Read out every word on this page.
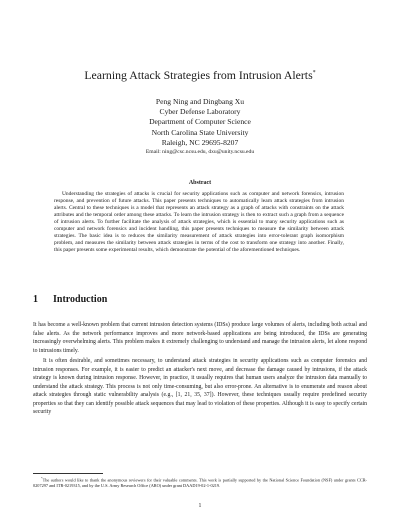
Learning Attack Strategies from Intrusion Alerts*
Peng Ning and Dingbang Xu
Cyber Defense Laboratory
Department of Computer Science
North Carolina State University
Raleigh, NC 29695-8207
Email: ning@csc.ncsu.edu, dxu@unity.ncsu.edu
Abstract

Understanding the strategies of attacks is crucial for security applications such as computer and network forensics, intrusion response, and prevention of future attacks. This paper presents techniques to automatically learn attack strategies from intrusion alerts. Central to these techniques is a model that represents an attack strategy as a graph of attacks with constraints on the attack attributes and the temporal order among these attacks. To learn the intrusion strategy is then to extract such a graph from a sequence of intrusion alerts. To further facilitate the analysis of attack strategies, which is essential to many security applications such as computer and network forensics and incident handling, this paper presents techniques to measure the similarity between attack strategies. The basic idea is to reduces the similarity measurement of attack strategies into error-tolerant graph isomorphism problem, and measures the similarity between attack strategies in terms of the cost to transform one strategy into another. Finally, this paper presents some experimental results, which demonstrate the potential of the aforementioned techniques.

1 Introduction

It has become a well-known problem that current intrusion detection systems (IDSs) produce large volumes of alerts, including both actual and false alerts. As the network performance improves and more network-based applications are being introduced, the IDSs are generating increasingly overwhelming alerts. This problem makes it extremely challenging to understand and manage the intrusion alerts, let alone respond to intrusions timely.

It is often desirable, and sometimes necessary, to understand attack strategies in security applications such as computer forensics and intrusion responses. For example, it is easier to predict an attacker's next move, and decrease the damage caused by intrusions, if the attack strategy is known during intrusion response. However, in practice, it usually requires that human users analyze the intrusion data manually to understand the attack strategy. This process is not only time-consuming, but also error-prone. An alternative is to enumerate and reason about attack strategies through static vulnerability analysis (e.g., [1, 21, 35, 37]). However, these techniques usually require predefined security properties so that they can identify possible attack sequences that may lead to violation of these properties. Although it is easy to specify certain security

*The authors would like to thank the anonymous reviewers for their valuable comments. This work is partially supported by the National Science Foundation (NSF) under grants CCR-0207297 and ITR-0219315, and by the U.S. Army Research Office (ARO) under grant DAAD19-02-1-0219.

1
